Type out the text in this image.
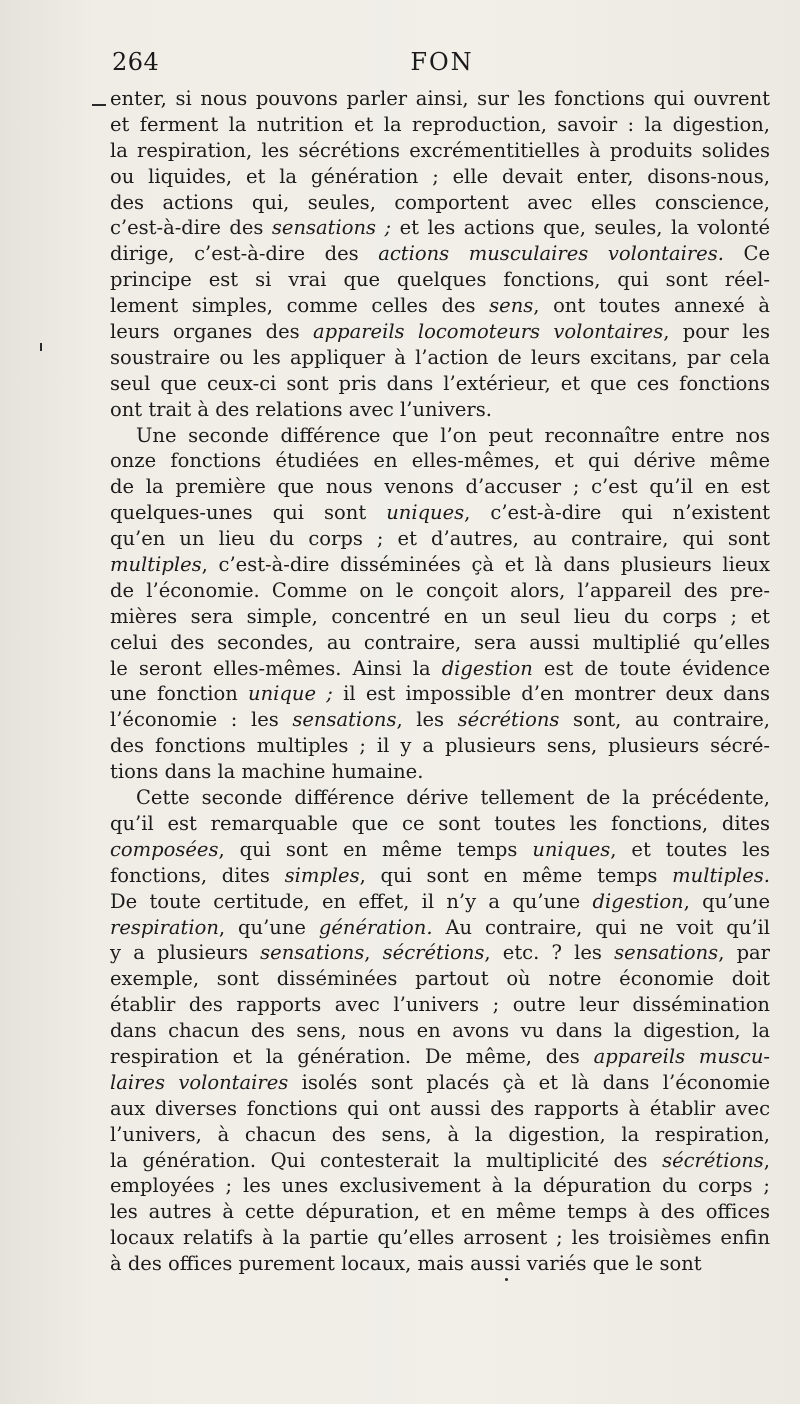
264	FON
enter, si nous pouvons parler ainsi, sur les fonctions qui ouvrent
et ferment la nutrition et la reproduction, savoir : la digestion,
la respiration, les sécrétions excrémentitielles à produits solides
ou liquides, et la génération ; elle devait enter, disons-nous,
des actions qui, seules, comportent avec elles conscience,
c’est-à-dire des sensations ; et les actions que, seules, la volonté
dirige, c’est-à-dire des actions musculaires volontaires. Ce
principe est si vrai que quelques fonctions, qui sont réel-
lement simples, comme celles des sens, ont toutes annexé à
leurs organes des appareils locomoteurs volontaires, pour les
soustraire ou les appliquer à l’action de leurs excitans, par cela
seul que ceux-ci sont pris dans l’extérieur, et que ces fonctions
ont trait à des relations avec l’univers.
Une seconde différence que l’on peut reconnaître entre nos
onze fonctions étudiées en elles-mêmes, et qui dérive même
de la première que nous venons d’accuser ; c’est qu’il en est
quelques-unes qui sont uniques, c’est-à-dire qui n’existent
qu’en un lieu du corps ; et d’autres, au contraire, qui sont
multiples, c’est-à-dire disséminées çà et là dans plusieurs lieux
de l’économie. Comme on le conçoit alors, l’appareil des pre-
mières sera simple, concentré en un seul lieu du corps ; et
celui des secondes, au contraire, sera aussi multiplié qu’elles
le seront elles-mêmes. Ainsi la digestion est de toute évidence
une fonction unique ; il est impossible d’en montrer deux dans
l’économie : les sensations, les sécrétions sont, au contraire,
des fonctions multiples ; il y a plusieurs sens, plusieurs sécré-
tions dans la machine humaine.
Cette seconde différence dérive tellement de la précédente,
qu’il est remarquable que ce sont toutes les fonctions, dites
composées, qui sont en même temps uniques, et toutes les
fonctions, dites simples, qui sont en même temps multiples.
De toute certitude, en effet, il n’y a qu’une digestion, qu’une
respiration, qu’une génération. Au contraire, qui ne voit qu’il
y a plusieurs sensations, sécrétions, etc. ? les sensations, par
exemple, sont disséminées partout où notre économie doit
établir des rapports avec l’univers ; outre leur dissémination
dans chacun des sens, nous en avons vu dans la digestion, la
respiration et la génération. De même, des appareils muscu-
laires volontaires isolés sont placés çà et là dans l’économie
aux diverses fonctions qui ont aussi des rapports à établir avec
l’univers, à chacun des sens, à la digestion, la respiration,
la génération. Qui contesterait la multiplicité des sécrétions,
employées ; les unes exclusivement à la dépuration du corps ;
les autres à cette dépuration, et en même temps à des offices
locaux relatifs à la partie qu’elles arrosent ; les troisièmes enfin
à des offices purement locaux, mais aussi variés que le sont
